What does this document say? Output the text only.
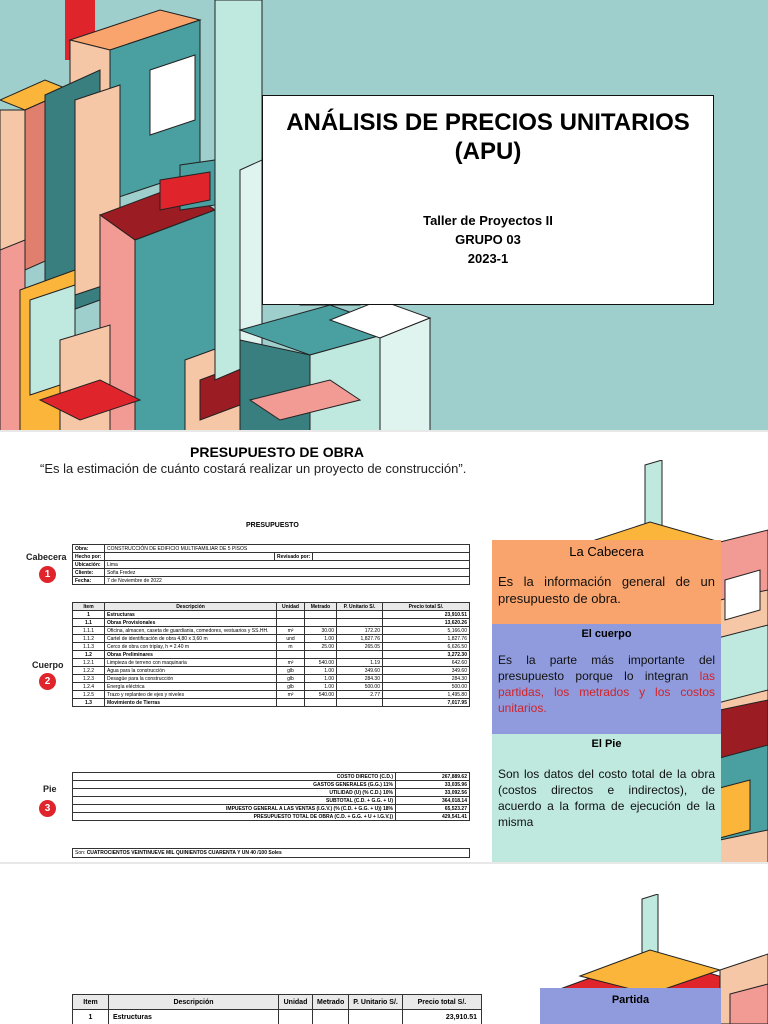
ANÁLISIS DE PRECIOS UNITARIOS
(APU)

Taller de Proyectos II

GRUPO 03

2023-1

PRESUPUESTO DE OBRA
“Es la estimación de cuánto costará realizar un proyecto de construcción”.
PRESUPUESTO
Cabecera
1
Cuerpo
2
Pie
3
Obra:	CONSTRUCCIÓN DE EDIFICIO MULTIFAMILIAR DE 5 PISOS		
Hecho por:		Revisado por:	
Ubicación:	Lima		
Cliente:	Sofia Fredez		
Fecha:	7 de Noviembre de 2022		
Item	Descripción	Unidad	Metrado	P. Unitario S/.	Precio total S/.
1	Estructuras				23,910.51
1.1	Obras Provisionales				13,620.26
1.1.1	Oficina, almacen, caseta de guardiania, comedores, vestuarios y SS.HH.	m²	30.00	172.20	5,166.00
1.1.2	Cartel de identificación de obra 4,80 x 3,60 m	und	1.00	1,827.76	1,827.76
1.1.3	Cerco de obra con triplay, h = 2.40 m	m	25.00	265.05	6,626.50
1.2	Obras Preliminares				3,272.30
1.2.1	Limpieza de terreno con maquinaria	m²	540.00	1.19	642.60
1.2.2	Agua para la construcción	glb	1.00	349.60	349.60
1.2.3	Desagüe para la construcción	glb	1.00	284.30	284.30
1.2.4	Energía eléctrica	glb	1.00	500.00	500.00
1.2.5	Trazo y replanteo de ejes y niveles	m²	540.00	2.77	1,495.80
1.3	Movimiento de Tierras				7,017.95
COSTO DIRECTO (C.D.)	267,889.62
GASTOS GENERALES (G.G.) 11%	33,035.96
UTILIDAD (U) (% C.D.) 10%	33,092.56
SUBTOTAL (C.D. + G.G. + U)	364,018.14
IMPUESTO GENERAL A LAS VENTAS (I.G.V.) (% (C.D. + G.G. + U)) 18%	65,523.27
PRESUPUESTO TOTAL DE OBRA (C.D. + G.G. + U + I.G.V.))	429,541.41
Son: CUATROCIENTOS VEINTINUEVE MIL QUINIENTOS CUARENTA Y UN 40 /100 Soles
La Cabecera

Es la información general de un presupuesto de obra.

El cuerpo

Es la parte más importante del presupuesto porque lo integran las partidas, los metrados y los costos unitarios.

El Pie

Son los datos del costo total de la obra (costos directos e indirectos), de acuerdo a la forma de ejecución de la misma

Partida
Item	Descripción	Unidad	Metrado	P. Unitario S/.	Precio total S/.
1	Estructuras				23,910.51
